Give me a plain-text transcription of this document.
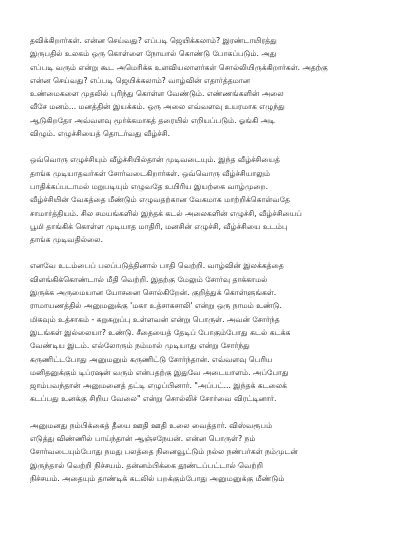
தவிக்கிறார்கள். என்ன செய்வது? எப்படி ஜெயிக்கலாம்? இரண்டாயிரத்து
இருபதில் உலகம் ஒரு கொள்ளை நோயால் கொண்டு போகப்படும். அது
எப்படி வரும் என்று கூட அமெரிக்க உளவியலாளர்கள் சொல்லியிருக்கிறார்கள். அதற்கு
என்ன செய்வது? எப்படி ஜெயிக்கலாம்? வாழ்வின் எதார்த்தமான
உண்மைகளை முதலில் புரிந்து கொள்ள வேண்டும். எண்ணங்களின் அலை
வீசே மனம்... மனத்தின் இயக்கம். ஒரு அலை எவ்வளவு உயரமாக எழுந்து
ஆடுகிறதோ அவ்வளவு மூர்க்கமாகத் தரையில் எறியப்படும். ஓங்கி அடி
விழும். எழுச்சியைத் தொடர்வது வீழ்ச்சி.

ஒவ்வொரு எழுச்சியும் வீழ்ச்சியில்தான் முடிவடையும். இந்த வீழ்ச்சியைத்
தாங்க முடியாதவர்கள் சோர்வடைகிறார்கள். ஒவ்வொரு வீழ்ச்சியாலும்
பாதிக்கப்படாமல் மறுபடியும் எழுவதே உயிரிய இயற்கை வாழ்முறை.
வீழ்ச்சியின் வேகத்தை மீண்டும் எழுவதற்கான வேகமாக மாற்றிக்கொள்வதே
சாமார்த்தியம். சில சமயங்களில் இந்தக் கடல் அலைகளின் எழுச்சி, வீழ்ச்சியைப்
பூமி தாங்கிக் கொள்ள முடியாத மாதிரி, மனசின் எழுச்சி, வீழ்ச்சியை உடம்பு
தாங்க முடிவதில்லை.

எனவே உடம்பைப் பலப்படுத்தினால் பாதி வெற்றி. வாழ்வின் இலக்கத்தை
விளங்கிக்கொண்டால் மீதி வெற்றி. இதற்கு மேலும் சோர்வு தாக்காமல்
இருக்க அருமையான யோசனை சொல்கிறேன். குறித்துக் கொள்ளுங்கள்.
ராமாயணத்தில் அனுமனுக்கு 'மகா உத்சாகசாலி' என்று ஒரு நாமம் உண்டு.
மிகவும் உத்சாகம் - சுறுசுறுப்பு உள்ளவன் என்று பொருள். அவன் சோர்ந்த
இடங்கள் இல்லையா? உண்டு. சீதையைத் தேடிப் போகும்போது கடல் கடக்க
வேண்டிய இடம். எல்லோரும் நம்மால் முடியாது என்று சோர்ந்து
கருணிட்டபோது அனுமனும் கருணிட்டு சோர்ந்தான். எவ்வளவு பெரிய
மனிதனுக்கும் டிப்ரஷன் வரும் என்பதற்கு இதுவே அடையாளம். அப்போது
ஜாம்பவந்தான் அனுமனைத் தட்டி எழுப்பினார். "அப்பட்... இந்தக் கடலைக்
கடப்பது உனக்கு சிறிய வேலை" என்று சொல்லிச் சோர்வை விரட்டினார்.

அனுமனது நம்பிக்கைத் தீயை ஊதி ஊதி உலை வைத்தார். விஸ்வரூபம்
எடுத்து விண்ணில் பாய்ந்தான் ஆஞ்சநேயன். என்ன பொருள்? நம்
சோர்வடையும்போது நமது பலத்தை நினைவூட்டும் நல்ல நண்பர்கள் நம்முடன்
இருந்தால் வெற்றி நிச்சயம். தன்னம்பிக்கை தூண்டப்பட்டால் வெற்றி
நிச்சயம். அதையும் தாண்டிக் கடலில் பறக்கும்போது அனுமனுக்கு மீண்டும்
